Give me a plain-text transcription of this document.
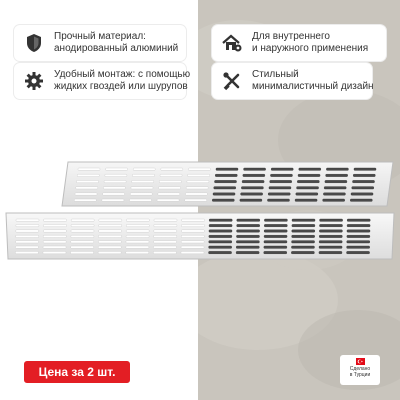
Прочный материал:
анодированный алюминий
Для внутреннего
и наружного применения
Удобный монтаж: с помощью
жидких гвоздей или шурупов
Стильный
минималистичный дизайн
Цена за 2 шт.	Сделано
в Турции
